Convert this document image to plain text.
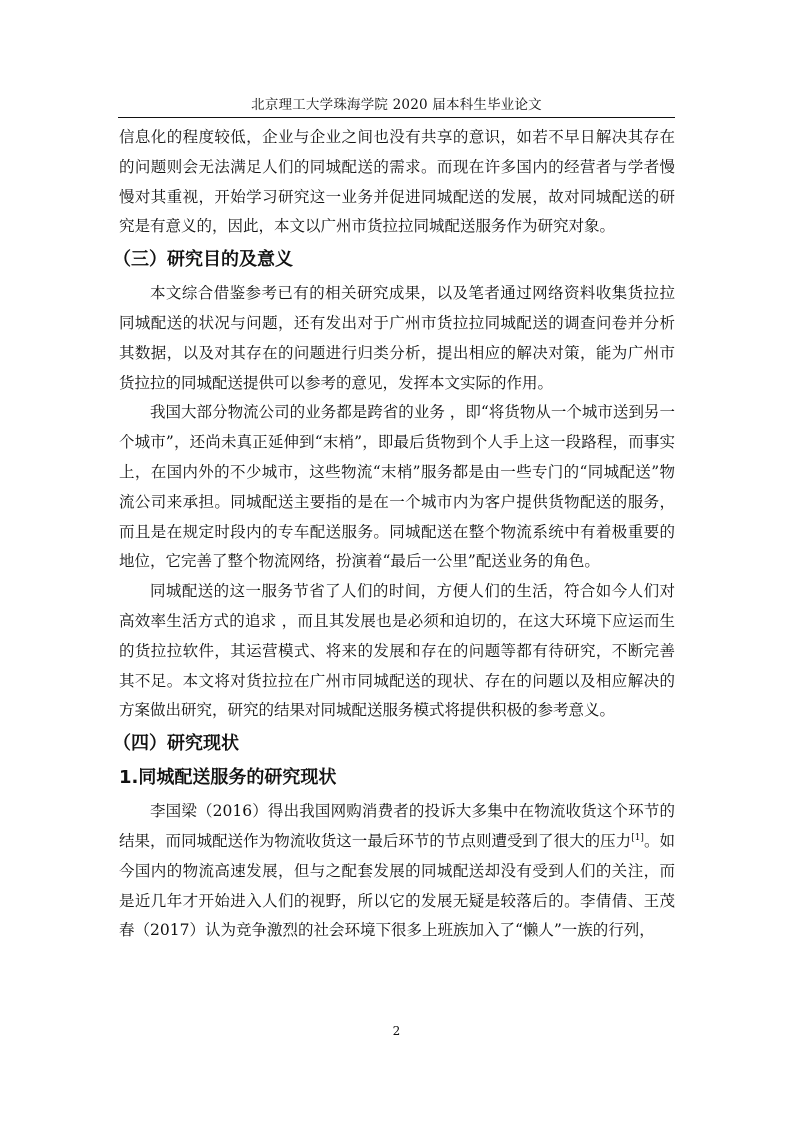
北京理工大学珠海学院 2020 届本科生毕业论文

信息化的程度较低，企业与企业之间也没有共享的意识，如若不早日解决其存在的问题则会无法满足人们的同城配送的需求。而现在许多国内的经营者与学者慢慢对其重视，开始学习研究这一业务并促进同城配送的发展，故对同城配送的研究是有意义的，因此，本文以广州市货拉拉同城配送服务作为研究对象。

（三）研究目的及意义

本文综合借鉴参考已有的相关研究成果，以及笔者通过网络资料收集货拉拉同城配送的状况与问题，还有发出对于广州市货拉拉同城配送的调查问卷并分析其数据，以及对其存在的问题进行归类分析，提出相应的解决对策，能为广州市货拉拉的同城配送提供可以参考的意见，发挥本文实际的作用。

我国大部分物流公司的业务都是跨省的业务 ，即“将货物从一个城市送到另一个城市”，还尚未真正延伸到“末梢”，即最后货物到个人手上这一段路程，而事实上，在国内外的不少城市，这些物流“末梢”服务都是由一些专门的“同城配送”物流公司来承担。同城配送主要指的是在一个城市内为客户提供货物配送的服务，而且是在规定时段内的专车配送服务。同城配送在整个物流系统中有着极重要的地位，它完善了整个物流网络，扮演着“最后一公里”配送业务的角色。

同城配送的这一服务节省了人们的时间，方便人们的生活，符合如今人们对高效率生活方式的追求 ，而且其发展也是必须和迫切的，在这大环境下应运而生的货拉拉软件，其运营模式、将来的发展和存在的问题等都有待研究，不断完善其不足。本文将对货拉拉在广州市同城配送的现状、存在的问题以及相应解决的方案做出研究，研究的结果对同城配送服务模式将提供积极的参考意义。

（四）研究现状
1.同城配送服务的研究现状

李国梁（2016）得出我国网购消费者的投诉大多集中在物流收货这个环节的结果，而同城配送作为物流收货这一最后环节的节点则遭受到了很大的压力[1]。如今国内的物流高速发展，但与之配套发展的同城配送却没有受到人们的关注，而是近几年才开始进入人们的视野，所以它的发展无疑是较落后的。李倩倩、王茂春（2017）认为竞争激烈的社会环境下很多上班族加入了“懒人”一族的行列，

2
